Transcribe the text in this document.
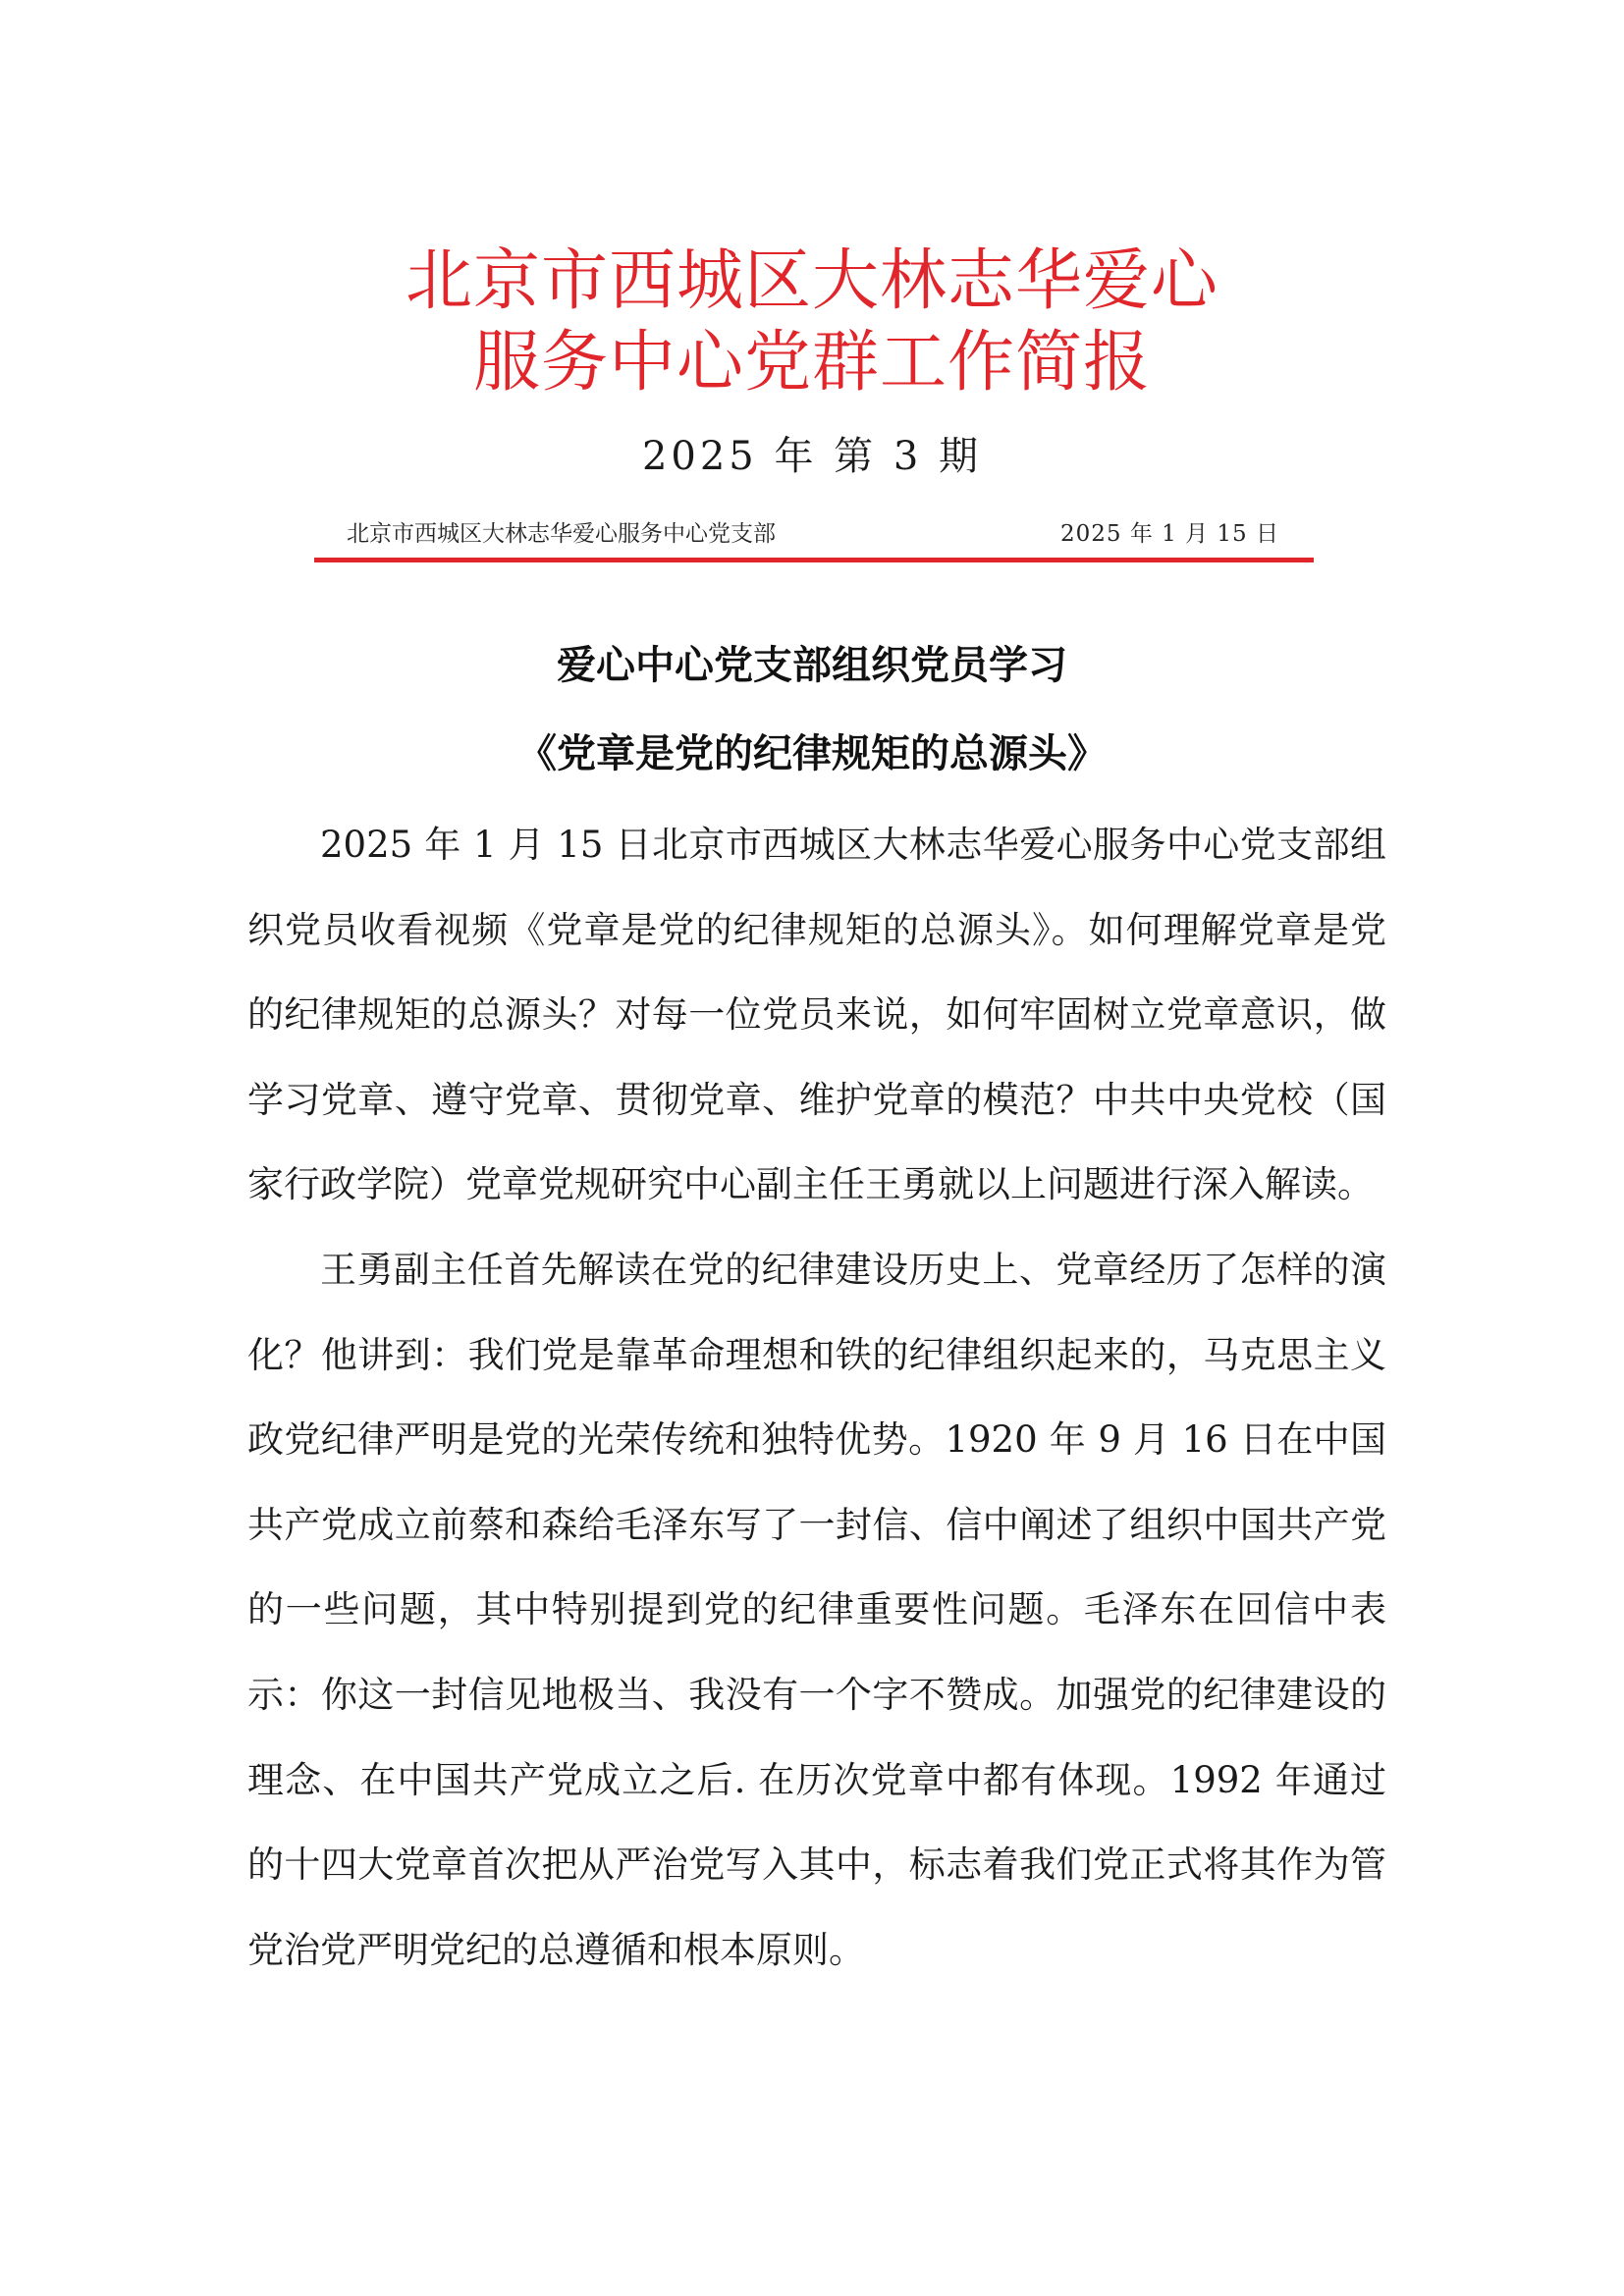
北京市西城区大林志华爱心
服务中心党群工作简报
2025 年 第 3 期
北京市西城区大林志华爱心服务中心党支部	2025 年 1 月 15 日
爱心中心党支部组织党员学习
《党章是党的纪律规矩的总源头》

2025 年 1 月 15 日北京市西城区大林志华爱心服务中心党支部组织党员收看视频《党章是党的纪律规矩的总源头》。如何理解党章是党的纪律规矩的总源头？对每一位党员来说，如何牢固树立党章意识，做学习党章、遵守党章、贯彻党章、维护党章的模范？中共中央党校（国家行政学院）党章党规研究中心副主任王勇就以上问题进行深入解读。

王勇副主任首先解读在党的纪律建设历史上、党章经历了怎样的演化？他讲到：我们党是靠革命理想和铁的纪律组织起来的，马克思主义政党纪律严明是党的光荣传统和独特优势。1920 年 9 月 16 日在中国共产党成立前蔡和森给毛泽东写了一封信、信中阐述了组织中国共产党的一些问题，其中特别提到党的纪律重要性问题。毛泽东在回信中表示：你这一封信见地极当、我没有一个字不赞成。加强党的纪律建设的理念、在中国共产党成立之后. 在历次党章中都有体现。1992 年通过的十四大党章首次把从严治党写入其中，标志着我们党正式将其作为管党治党严明党纪的总遵循和根本原则。
